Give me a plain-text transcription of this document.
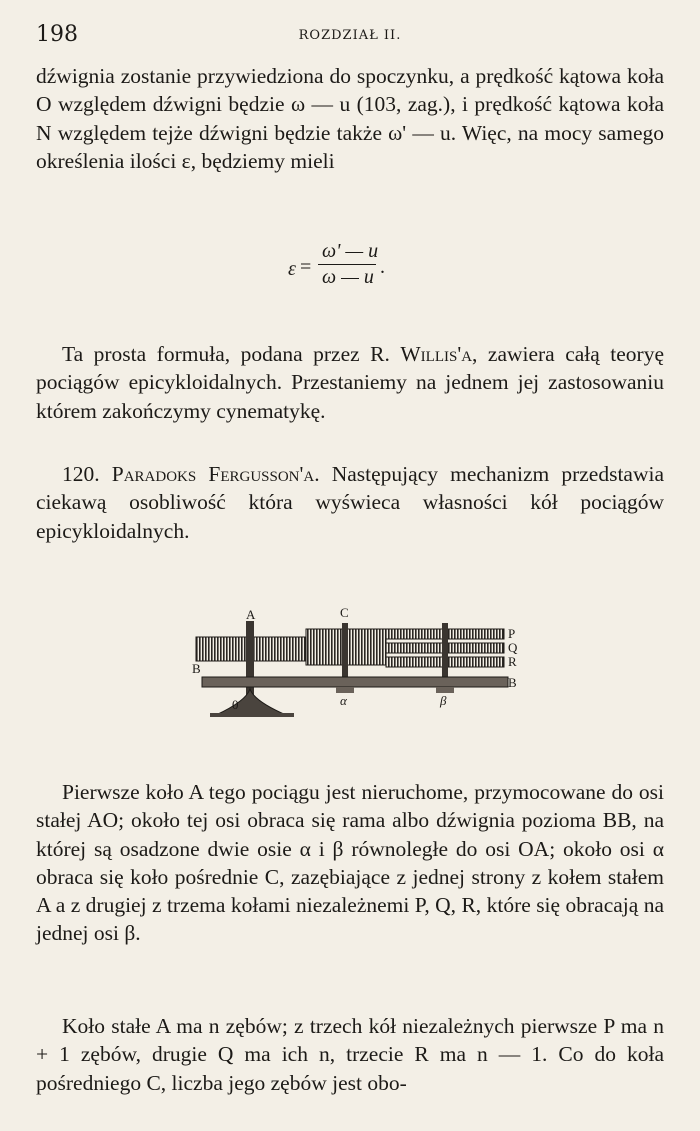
198	ROZDZIAŁ II.

dźwignia zostanie przywiedziona do spoczynku, a prędkość kątowa koła O względem dźwigni będzie ω — u (103, zag.), i prędkość kątowa koła N względem tejże dźwigni będzie także ω' — u. Więc, na mocy samego określenia ilości ε, będziemy mieli

ε =
ω' — u
ω — u .

Ta prosta formuła, podana przez R. Willis'a, zawiera całą teoryę pociągów epicykloidalnych. Przestaniemy na jednem jej zastosowaniu którem zakończymy cynematykę.

120. Paradoks Fergusson'a. Następujący mechanizm przedstawia ciekawą osobliwość która wyświeca własności kół pociągów epicykloidalnych.

A	C
P
Q
R
B
B
0	α	β

Pierwsze koło A tego pociągu jest nieruchome, przymocowane do osi stałej AO; około tej osi obraca się rama albo dźwignia pozioma BB, na której są osadzone dwie osie α i β równoległe do osi OA; około osi α obraca się koło pośrednie C, zazębiające z jednej strony z kołem stałem A a z drugiej z trzema kołami niezależnemi P, Q, R, które się obracają na jednej osi β.

Koło stałe A ma n zębów; z trzech kół niezależnych pierwsze P ma n + 1 zębów, drugie Q ma ich n, trzecie R ma n — 1. Co do koła pośredniego C, liczba jego zębów jest obo-
